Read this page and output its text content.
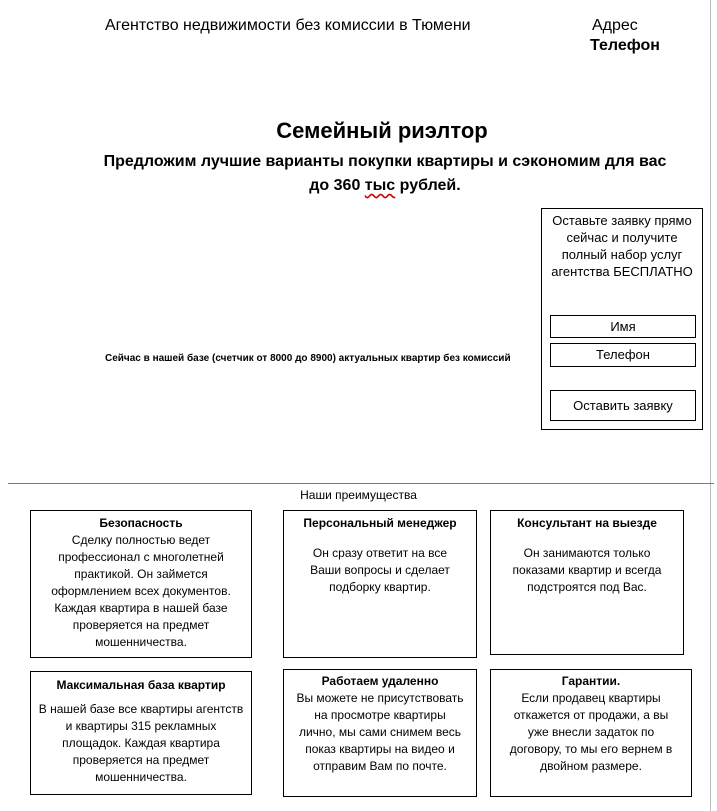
Агентство недвижимости без комиссии в Тюмени	Адрес
Телефон
Семейный риэлтор
Предложим лучшие варианты покупки квартиры и сэкономим для вас до 360 тыс рублей.
Сейчас в нашей базе (счетчик от 8000 до 8900) актуальных квартир без комиссий
Оставьте заявку прямо сейчас и получите полный набор услуг агентства БЕСПЛАТНО
Имя
Телефон
Оставить заявку
Наши преимущества
Безопасность
Сделку полностью ведет профессионал с многолетней практикой. Он займется оформлением всех документов. Каждая квартира в нашей базе проверяется на предмет мошенничества.
Персональный менеджер
Он сразу ответит на все Ваши вопросы и сделает подборку квартир.
Консультант на выезде
Он занимаются только показами квартир и всегда подстроятся под Вас.
Максимальная база квартир
В нашей базе все квартиры агентств и квартиры 315 рекламных площадок. Каждая квартира проверяется на предмет мошенничества.
Работаем удаленно
Вы можете не присутствовать на просмотре квартиры лично, мы сами снимем весь показ квартиры на видео и отправим Вам по почте.
Гарантии.
Если продавец квартиры откажется от продажи, а вы уже внесли задаток по договору, то мы его вернем в двойном размере.
